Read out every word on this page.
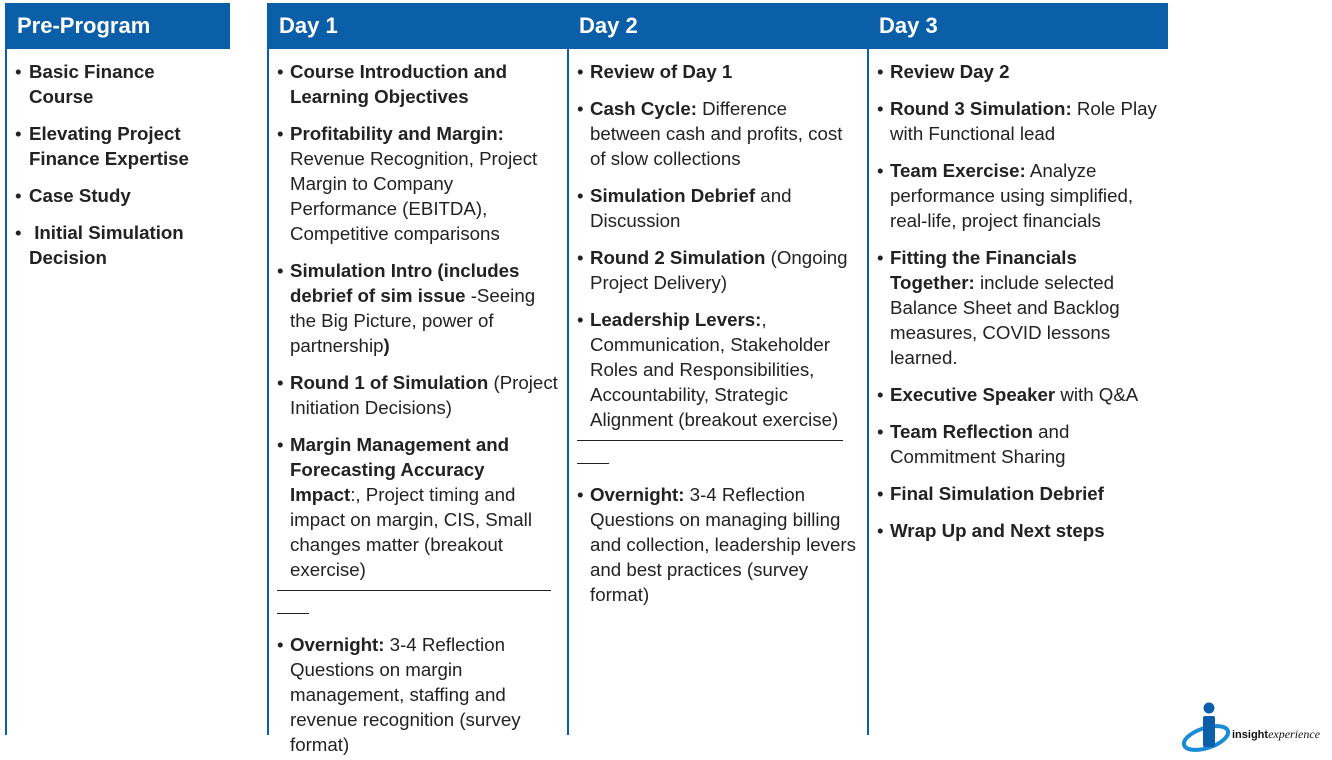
Pre-Program
• Basic Finance Course
• Elevating Project Finance Expertise
• Case Study
•  Initial Simulation Decision
Day 1
• Course Introduction and Learning Objectives
• Profitability and Margin: Revenue Recognition, Project Margin to Company Performance (EBITDA), Competitive comparisons
• Simulation Intro (includes debrief of sim issue -Seeing the Big Picture, power of partnership)
• Round 1 of Simulation (Project Initiation Decisions)
• Margin Management and Forecasting Accuracy Impact:, Project timing and impact on margin, CIS, Small changes matter (breakout exercise)
• Overnight: 3-4 Reflection Questions on margin management, staffing and revenue recognition (survey format)
Day 2
• Review of Day 1
• Cash Cycle: Difference between cash and profits, cost of slow collections
• Simulation Debrief and Discussion
• Round 2 Simulation (Ongoing Project Delivery)
• Leadership Levers:, Communication, Stakeholder Roles and Responsibilities, Accountability, Strategic Alignment (breakout exercise)
• Overnight: 3-4 Reflection Questions on managing billing and collection, leadership levers and best practices (survey format)
Day 3
• Review Day 2
• Round 3 Simulation: Role Play with Functional lead
• Team Exercise: Analyze performance using simplified, real-life, project financials
• Fitting the Financials Together: include selected Balance Sheet and Backlog measures, COVID lessons learned.
• Executive Speaker with Q&A
• Team Reflection and Commitment Sharing
• Final Simulation Debrief
• Wrap Up and Next steps
insightexperience
